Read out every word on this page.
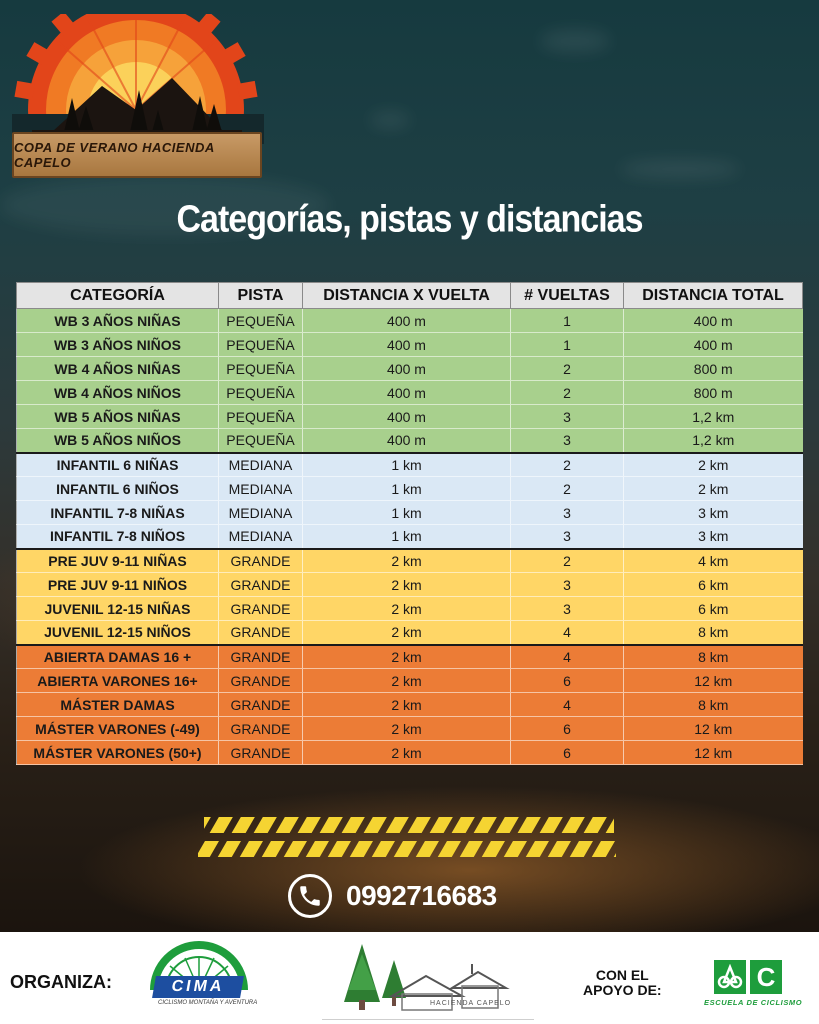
COPA DE VERANO HACIENDA CAPELO
Categorías, pistas y distancias
CATEGORÍA	PISTA	DISTANCIA X VUELTA	# VUELTAS	DISTANCIA TOTAL
WB 3 AÑOS NIÑAS	PEQUEÑA	400 m	1	400 m
WB 3 AÑOS NIÑOS	PEQUEÑA	400 m	1	400 m
WB 4 AÑOS NIÑAS	PEQUEÑA	400 m	2	800 m
WB 4 AÑOS NIÑOS	PEQUEÑA	400 m	2	800 m
WB 5 AÑOS NIÑAS	PEQUEÑA	400 m	3	1,2 km
WB 5 AÑOS NIÑOS	PEQUEÑA	400 m	3	1,2 km
INFANTIL 6 NIÑAS	MEDIANA	1 km	2	2 km
INFANTIL 6 NIÑOS	MEDIANA	1 km	2	2 km
INFANTIL 7-8 NIÑAS	MEDIANA	1 km	3	3 km
INFANTIL 7-8 NIÑOS	MEDIANA	1 km	3	3 km
PRE JUV 9-11 NIÑAS	GRANDE	2 km	2	4 km
PRE JUV 9-11 NIÑOS	GRANDE	2 km	3	6 km
JUVENIL 12-15 NIÑAS	GRANDE	2 km	3	6 km
JUVENIL 12-15 NIÑOS	GRANDE	2 km	4	8 km
ABIERTA DAMAS 16 +	GRANDE	2 km	4	8 km
ABIERTA VARONES 16+	GRANDE	2 km	6	12 km
MÁSTER DAMAS	GRANDE	2 km	4	8 km
MÁSTER VARONES (-49)	GRANDE	2 km	6	12 km
MÁSTER VARONES (50+)	GRANDE	2 km	6	12 km
0992716683
ORGANIZA:	CIMA
CICLISMO MONTAÑA Y AVENTURA	HACIENDA CAPELO
CON EL
APOYO DE:	C
ESCUELA DE CICLISMO
